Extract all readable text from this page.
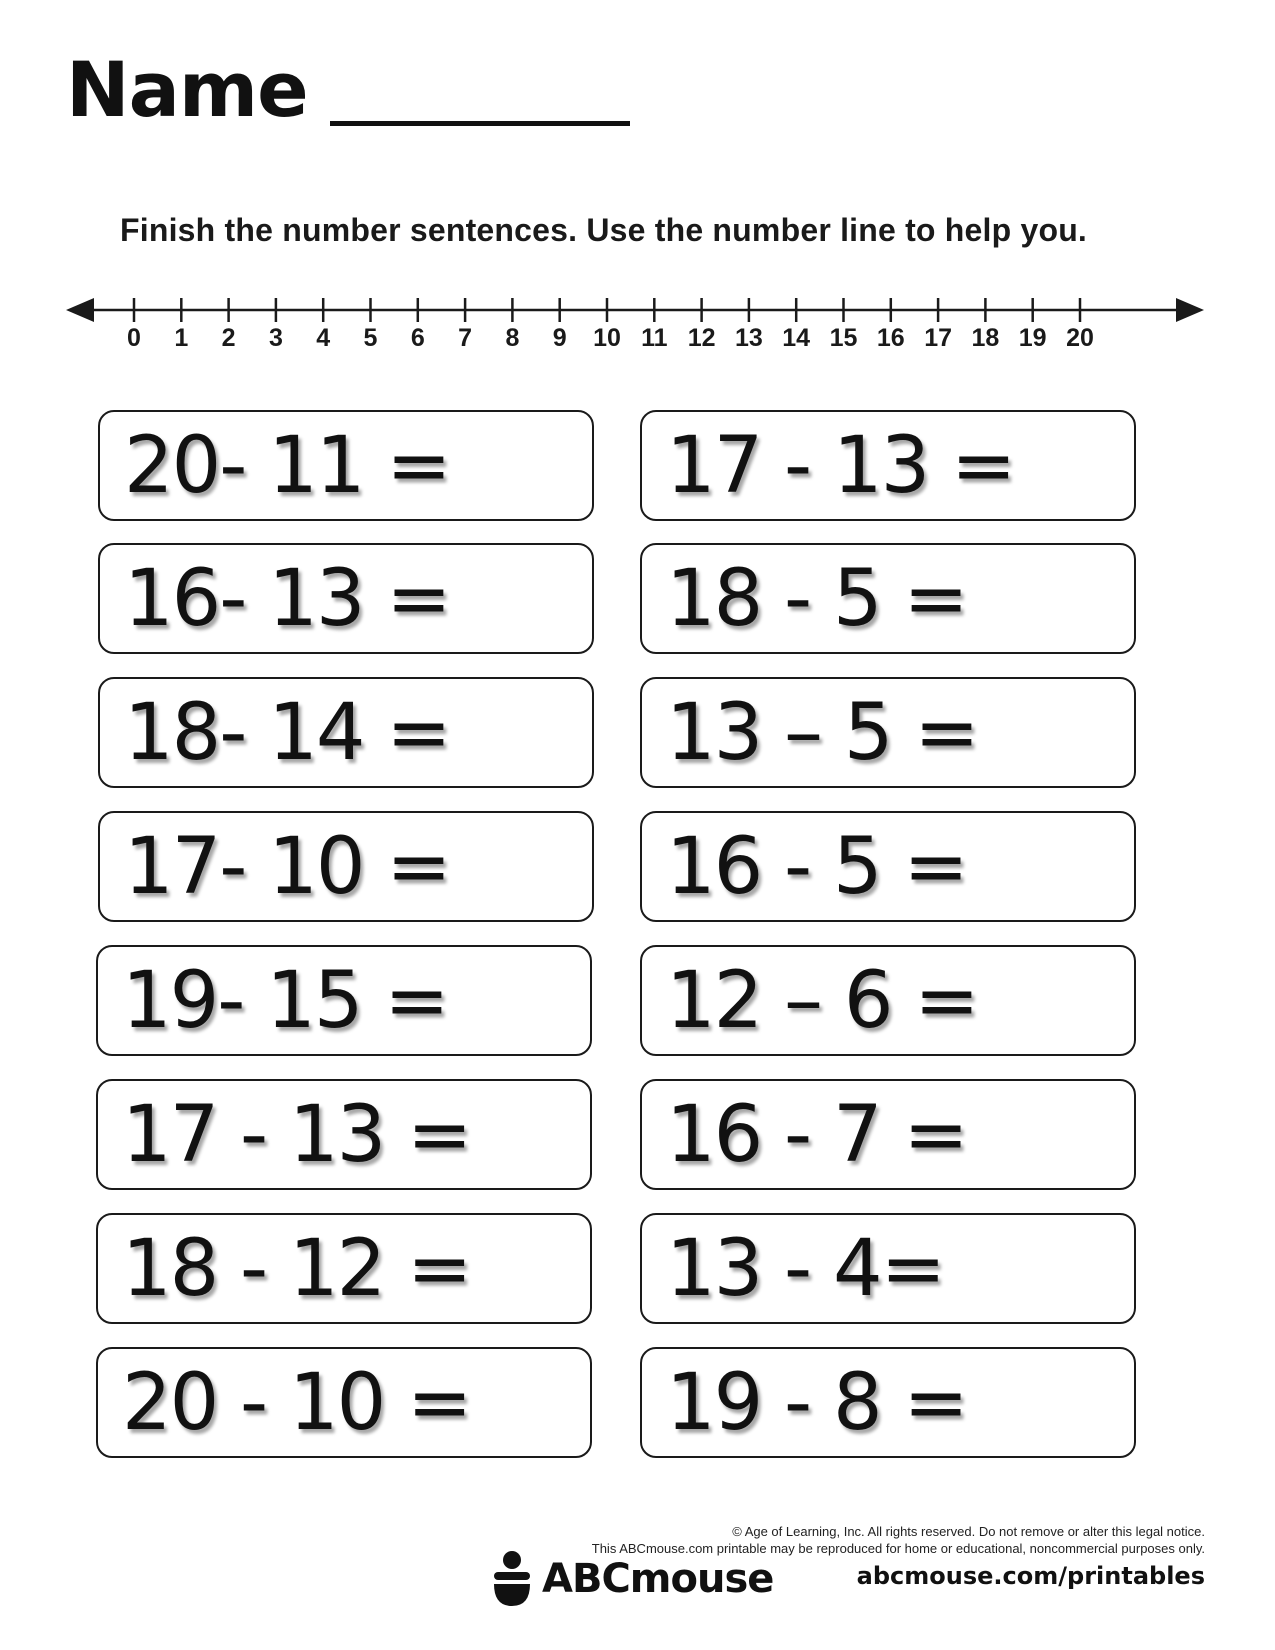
Name
Finish the number sentences. Use the number line to help you.
0 1 2 3 4 5 6 7 8 9 10 11 12 13 14 15 16 17 18 19 20
20- 11 =
16- 13 =
18- 14 =
17- 10 =
19- 15 =
17 - 13 =
18 - 12 =
20 - 10 =
17 - 13 =
18 - 5 =
13 – 5 =
16 - 5 =
12 – 6 =
16 - 7 =
13 - 4=
19 - 8 =
© Age of Learning, Inc. All rights reserved. Do not remove or alter this legal notice.
This ABCmouse.com printable may be reproduced for home or educational, noncommercial purposes only.
ABCmouse	abcmouse.com/printables
